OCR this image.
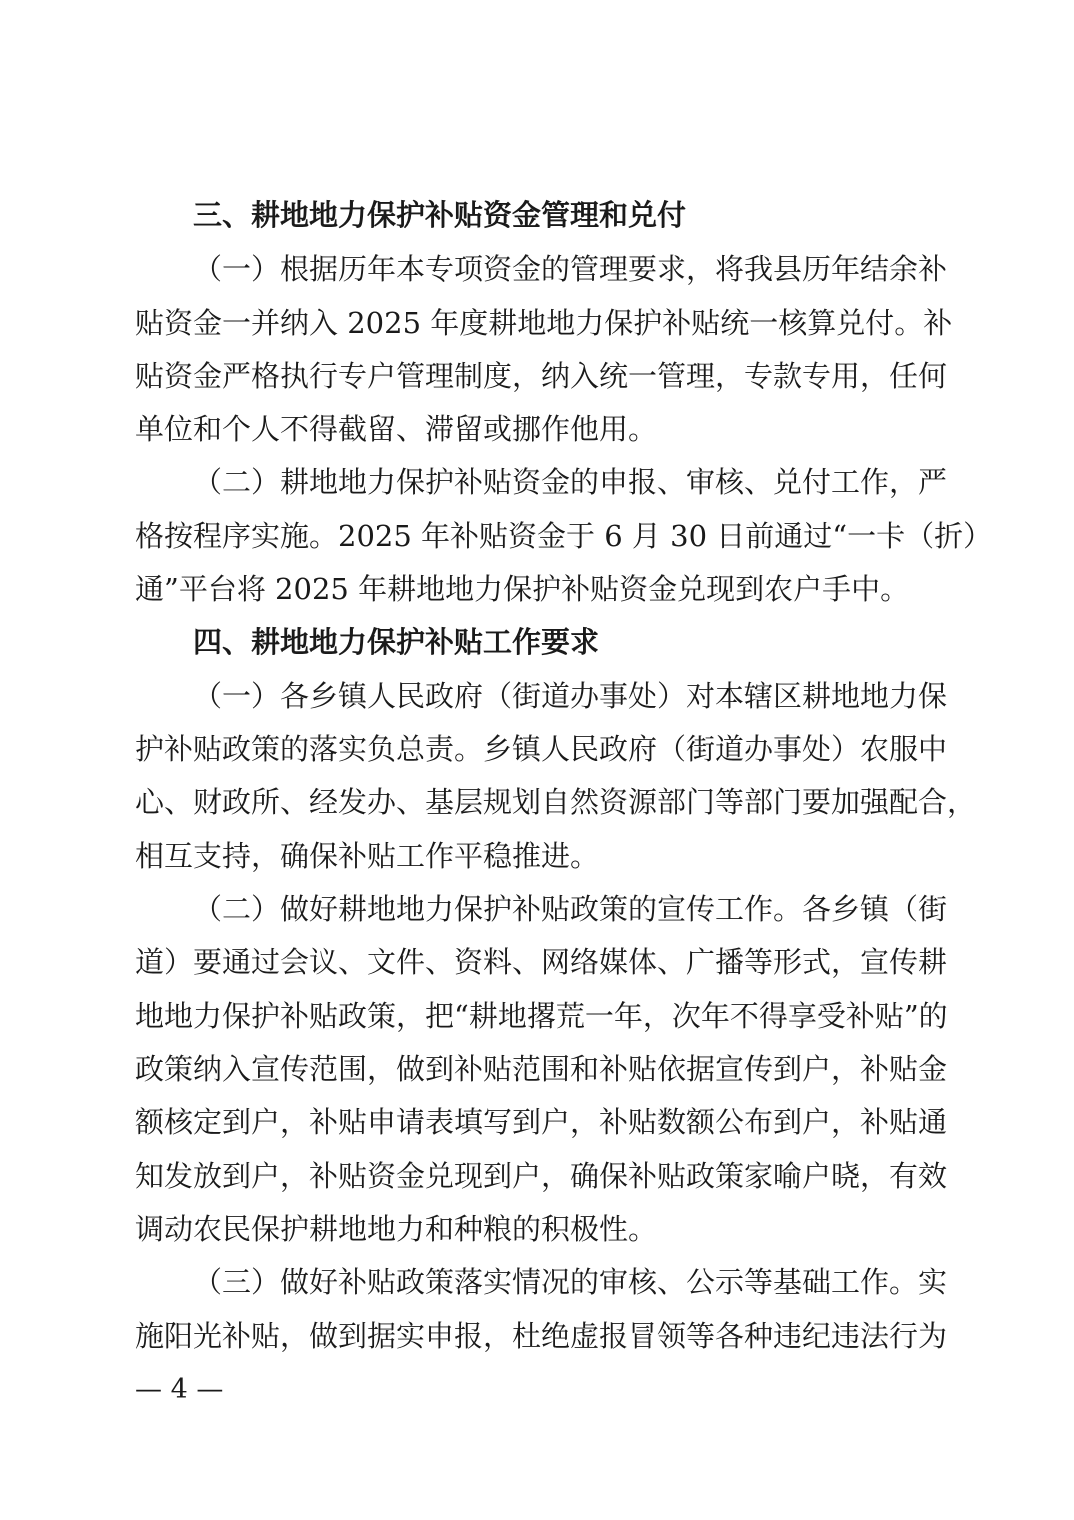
三、耕地地力保护补贴资金管理和兑付
（一）根据历年本专项资金的管理要求，将我县历年结余补
贴资金一并纳入 2025 年度耕地地力保护补贴统一核算兑付。补
贴资金严格执行专户管理制度，纳入统一管理，专款专用，任何
单位和个人不得截留、滞留或挪作他用。
（二）耕地地力保护补贴资金的申报、审核、兑付工作，严
格按程序实施。2025 年补贴资金于 6 月 30 日前通过“一卡（折）
通”平台将 2025 年耕地地力保护补贴资金兑现到农户手中。
四、耕地地力保护补贴工作要求
（一）各乡镇人民政府（街道办事处）对本辖区耕地地力保
护补贴政策的落实负总责。乡镇人民政府（街道办事处）农服中
心、财政所、经发办、基层规划自然资源部门等部门要加强配合，
相互支持，确保补贴工作平稳推进。
（二）做好耕地地力保护补贴政策的宣传工作。各乡镇（街
道）要通过会议、文件、资料、网络媒体、广播等形式，宣传耕
地地力保护补贴政策，把“耕地撂荒一年，次年不得享受补贴”的
政策纳入宣传范围，做到补贴范围和补贴依据宣传到户，补贴金
额核定到户，补贴申请表填写到户，补贴数额公布到户，补贴通
知发放到户，补贴资金兑现到户，确保补贴政策家喻户晓，有效
调动农民保护耕地地力和种粮的积极性。
（三）做好补贴政策落实情况的审核、公示等基础工作。实
施阳光补贴，做到据实申报，杜绝虚报冒领等各种违纪违法行为
— 4 —
